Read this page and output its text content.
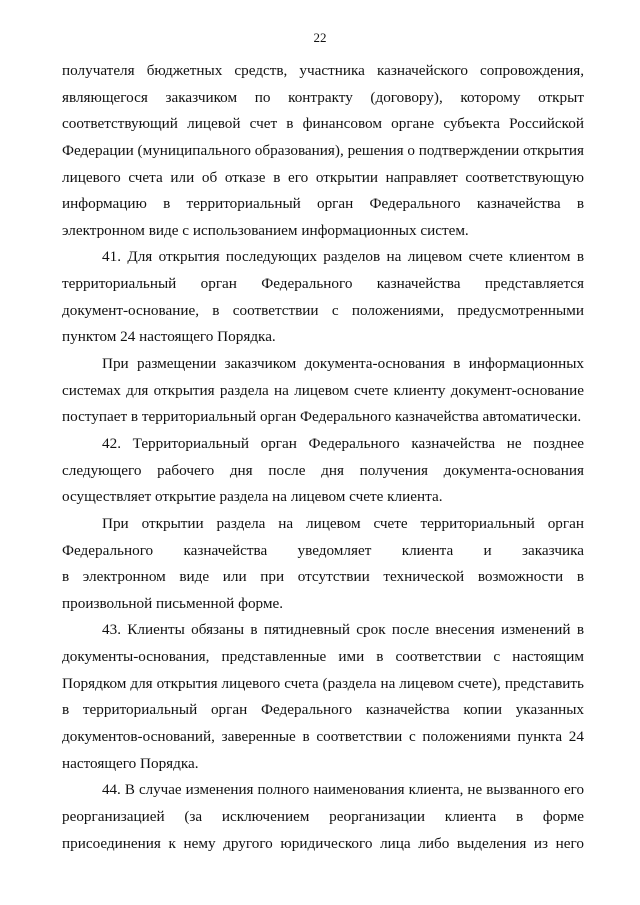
22
получателя бюджетных средств, участника казначейского сопровождения,
являющегося заказчиком по контракту (договору), которому открыт
соответствующий лицевой счет в финансовом органе субъекта Российской
Федерации (муниципального образования), решения о подтверждении открытия
лицевого счета или об отказе в его открытии направляет соответствующую
информацию в территориальный орган Федерального казначейства в
электронном виде с использованием информационных систем.
41. Для открытия последующих разделов на лицевом счете клиентом в
территориальный орган Федерального казначейства представляется
документ-основание, в соответствии с положениями, предусмотренными
пунктом 24 настоящего Порядка.
При размещении заказчиком документа-основания в информационных
системах для открытия раздела на лицевом счете клиенту документ-основание
поступает в территориальный орган Федерального казначейства автоматически.
42. Территориальный орган Федерального казначейства не позднее
следующего рабочего дня после дня получения документа-основания
осуществляет открытие раздела на лицевом счете клиента.
При открытии раздела на лицевом счете территориальный орган
Федерального казначейства уведомляет клиента и заказчика
в электронном виде или при отсутствии технической возможности в
произвольной письменной форме.
43. Клиенты обязаны в пятидневный срок после внесения изменений в
документы-основания, представленные ими в соответствии с настоящим
Порядком для открытия лицевого счета (раздела на лицевом счете), представить
в территориальный орган Федерального казначейства копии указанных
документов-оснований, заверенные в соответствии с положениями пункта 24
настоящего Порядка.
44. В случае изменения полного наименования клиента, не вызванного его
реорганизацией (за исключением реорганизации клиента в форме
присоединения к нему другого юридического лица либо выделения из него
